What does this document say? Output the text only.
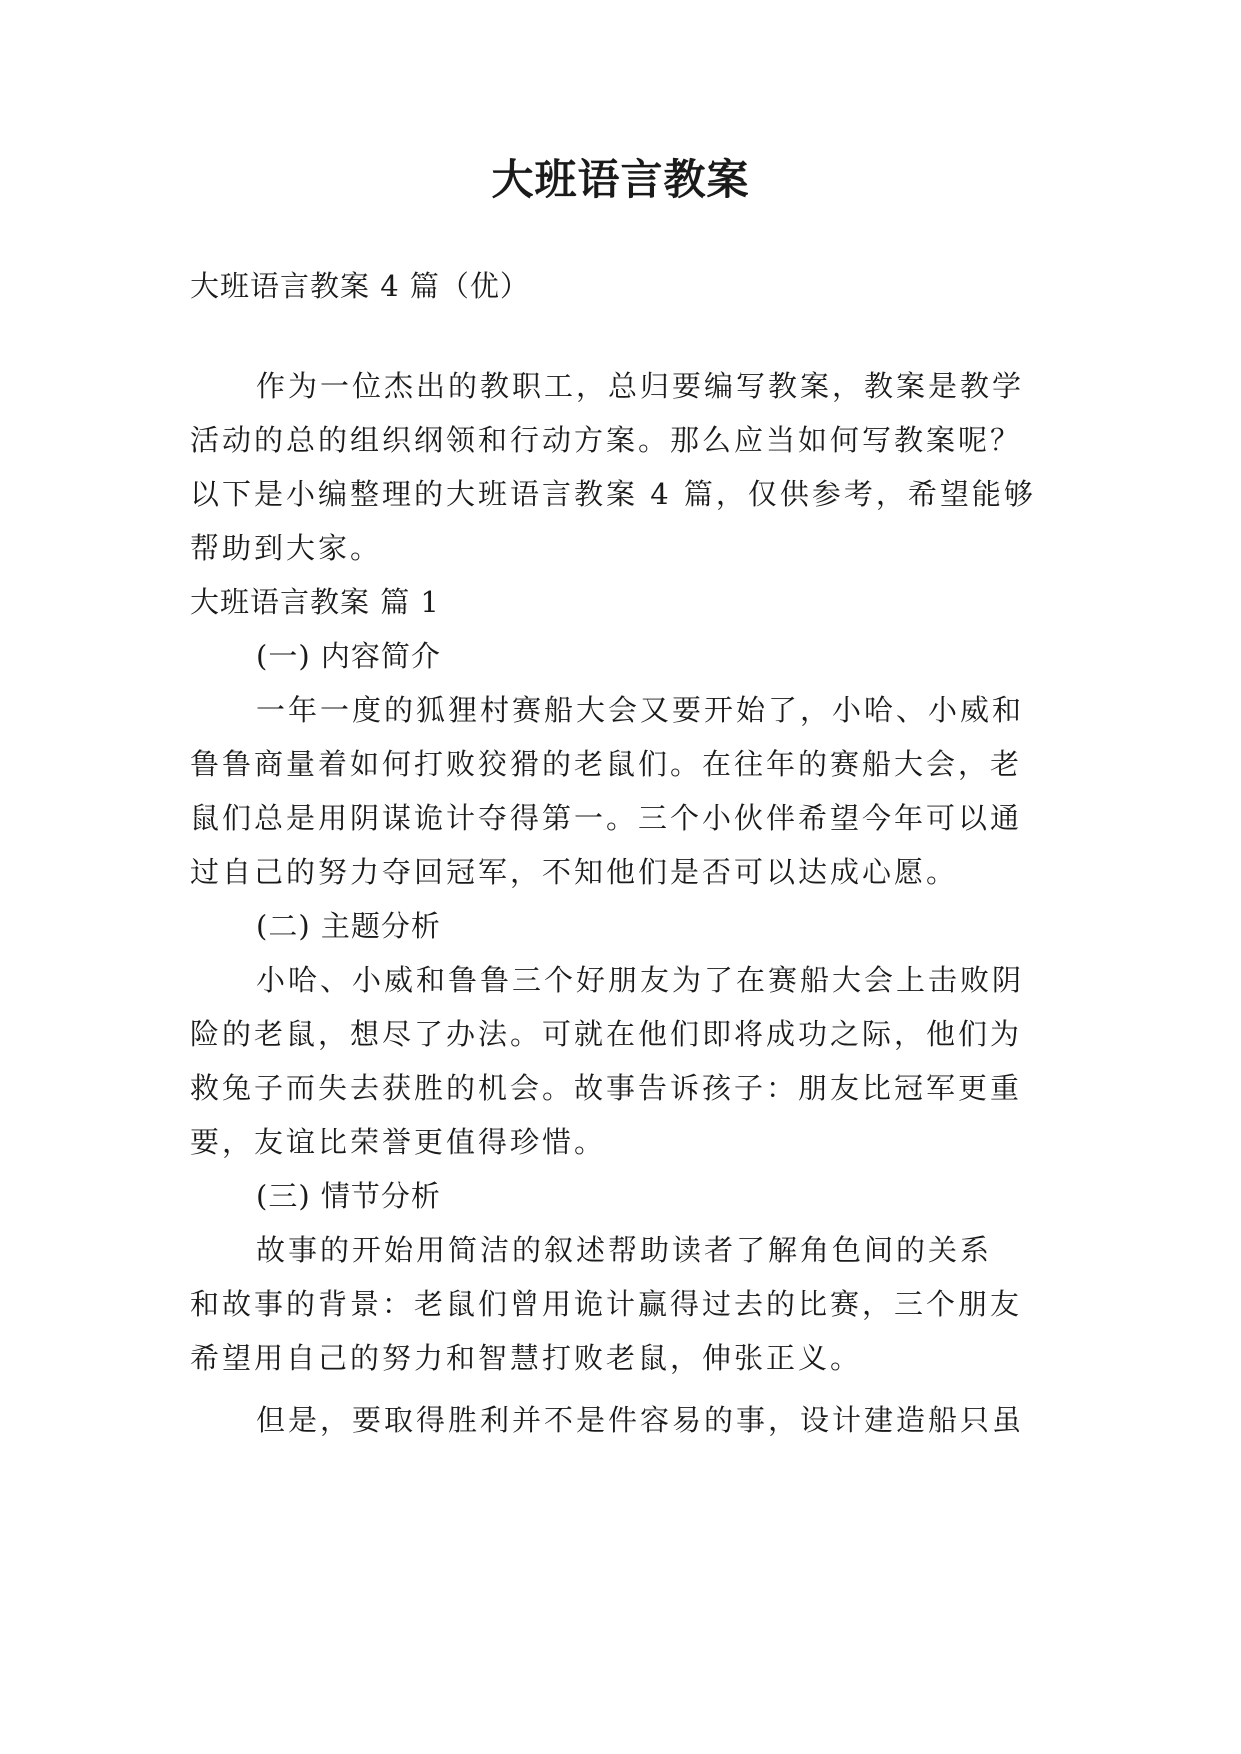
大班语言教案
大班语言教案 4 篇（优）
作为一位杰出的教职工，总归要编写教案，教案是教学
活动的总的组织纲领和行动方案。那么应当如何写教案呢？
以下是小编整理的大班语言教案 4 篇，仅供参考，希望能够
帮助到大家。
大班语言教案 篇 1
(一) 内容简介
一年一度的狐狸村赛船大会又要开始了，小哈、小威和
鲁鲁商量着如何打败狡猾的老鼠们。在往年的赛船大会，老
鼠们总是用阴谋诡计夺得第一。三个小伙伴希望今年可以通
过自己的努力夺回冠军，不知他们是否可以达成心愿。
(二) 主题分析
小哈、小威和鲁鲁三个好朋友为了在赛船大会上击败阴
险的老鼠，想尽了办法。可就在他们即将成功之际，他们为
救兔子而失去获胜的机会。故事告诉孩子：朋友比冠军更重
要，友谊比荣誉更值得珍惜。
(三) 情节分析
故事的开始用简洁的叙述帮助读者了解角色间的关系
和故事的背景：老鼠们曾用诡计赢得过去的比赛，三个朋友
希望用自己的努力和智慧打败老鼠，伸张正义。
但是，要取得胜利并不是件容易的事，设计建造船只虽
